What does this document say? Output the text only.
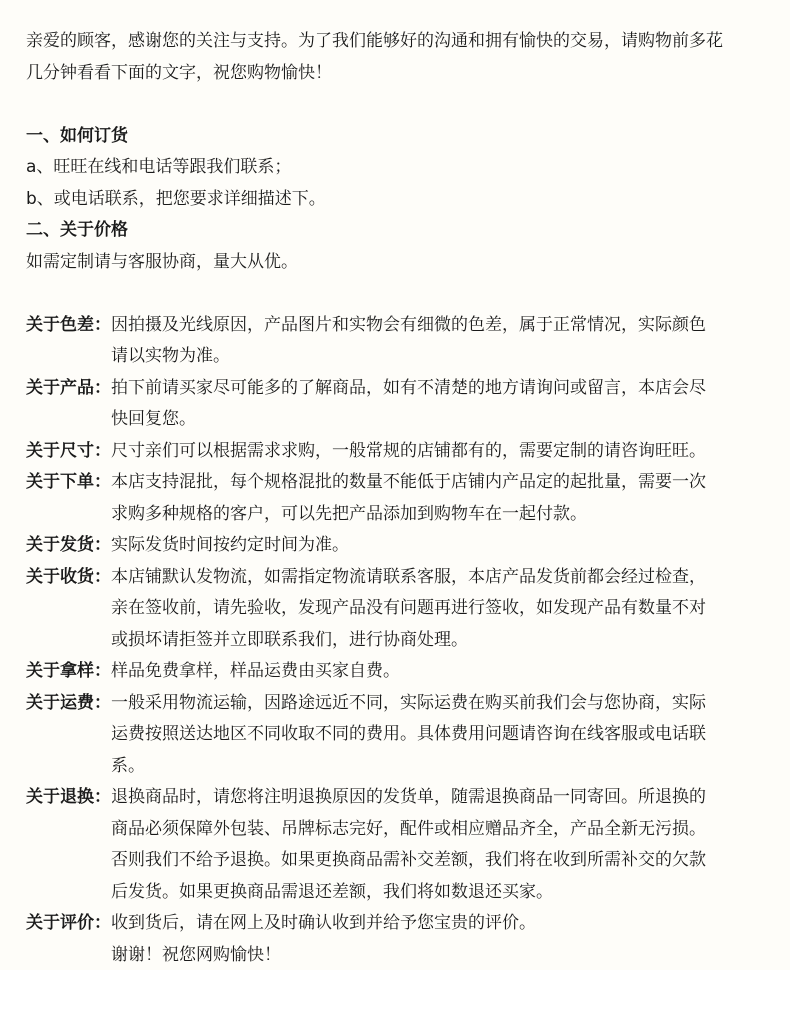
亲爱的顾客，感谢您的关注与支持。为了我们能够好的沟通和拥有愉快的交易，请购物前多花
几分钟看看下面的文字，祝您购物愉快！
一、如何订货
a、旺旺在线和电话等跟我们联系；
b、或电话联系，把您要求详细描述下。
二、关于价格
如需定制请与客服协商，量大从优。
关于色差： 因拍摄及光线原因，产品图片和实物会有细微的色差，属于正常情况，实际颜色
请以实物为准。
关于产品： 拍下前请买家尽可能多的了解商品，如有不清楚的地方请询问或留言，本店会尽
快回复您。
关于尺寸： 尺寸亲们可以根据需求求购，一般常规的店铺都有的，需要定制的请咨询旺旺。
关于下单： 本店支持混批，每个规格混批的数量不能低于店铺内产品定的起批量，需要一次
求购多种规格的客户，可以先把产品添加到购物车在一起付款。
关于发货： 实际发货时间按约定时间为准。
关于收货： 本店铺默认发物流，如需指定物流请联系客服，本店产品发货前都会经过检查，
亲在签收前，请先验收，发现产品没有问题再进行签收，如发现产品有数量不对
或损坏请拒签并立即联系我们，进行协商处理。
关于拿样： 样品免费拿样，样品运费由买家自费。
关于运费： 一般采用物流运输，因路途远近不同，实际运费在购买前我们会与您协商，实际
运费按照送达地区不同收取不同的费用。具体费用问题请咨询在线客服或电话联
系。
关于退换： 退换商品时，请您将注明退换原因的发货单，随需退换商品一同寄回。所退换的
商品必须保障外包装、吊牌标志完好，配件或相应赠品齐全，产品全新无污损。
否则我们不给予退换。如果更换商品需补交差额，我们将在收到所需补交的欠款
后发货。如果更换商品需退还差额，我们将如数退还买家。
关于评价： 收到货后，请在网上及时确认收到并给予您宝贵的评价。
谢谢！祝您网购愉快！
